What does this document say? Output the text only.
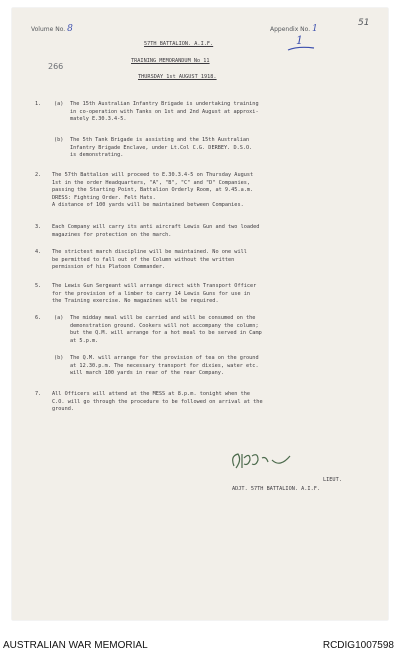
Volume No. 8	Appendix No. 1
51
266
1
57TH BATTALION. A.I.F.
TRAINING MEMORANDUM No 11
THURSDAY 1st AUGUST 1918.
1. (a) The 15th Australian Infantry Brigade is undertaking training
in co-operation with Tanks on 1st and 2nd August at approxi-
mately E.30.3.4-5.
(b) The 5th Tank Brigade is assisting and the 15th Australian
Infantry Brigade Enclave, under Lt.Col C.G. DERBEY. D.S.O.
is demonstrating.
2. The 57th Battalion will proceed to E.30.3.4-5 on Thursday August
1st in the order Headquarters, "A", "B", "C" and "D" Companies,
passing the Starting Point, Battalion Orderly Room, at 9.45.a.m.
DRESS: Fighting Order. Felt Hats.
A distance of 100 yards will be maintained between Companies.
3. Each Company will carry its anti aircraft Lewis Gun and two loaded
magazines for protection on the march.
4. The strictest march discipline will be maintained. No one will
be permitted to fall out of the Column without the written
permission of his Platoon Commander.
5. The Lewis Gun Sergeant will arrange direct with Transport Officer
for the provision of a limber to carry 14 Lewis Guns for use in
the Training exercise. No magazines will be required.
6. (a) The midday meal will be carried and will be consumed on the
demonstration ground. Cookers will not accompany the column;
but the Q.M. will arrange for a hot meal to be served in Camp
at 5.p.m.
(b) The Q.M. will arrange for the provision of tea on the ground
at 12.30.p.m. The necessary transport for dixies, water etc.
will march 100 yards in rear of the rear Company.
7. All Officers will attend at the MESS at 8.p.m. tonight when the
C.O. will go through the procedure to be followed on arrival at the
ground.
LIEUT.
ADJT. 57TH BATTALION. A.I.F.
AUSTRALIAN WAR MEMORIAL	RCDIG1007598
